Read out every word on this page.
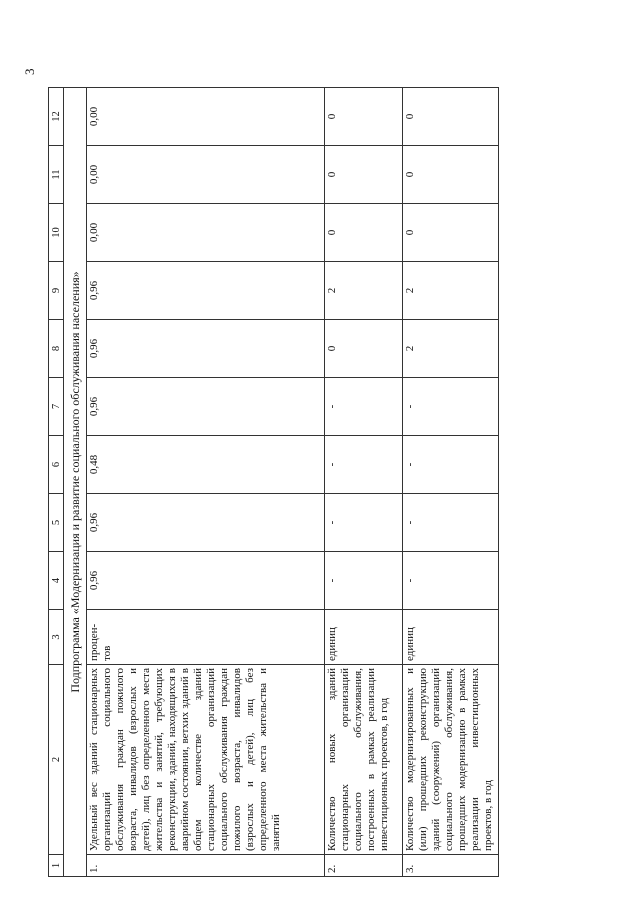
3
1	2	3	4	5	6	7	8	9	10	11	12
Подпрограмма «Модернизация и развитие социального обслуживания населения»											
1.	Удельный вес зданий стационарных организаций социального обслуживания граждан пожилого возраста, инвалидов (взрослых и детей), лиц без определенного места жительства и занятий, требующих реконструкции, зданий, находящихся в аварийном состоянии, ветхих зданий в общем количестве зданий стационарных организаций социального обслуживания граждан пожилого возраста, инвалидов (взрослых и детей), лиц без определенного места жительства и занятий	процен-тов	0,96	0,96	0,48	0,96	0,96	0,96	0,00	0,00	0,00
2.	Количество новых зданий стационарных организаций социального обслуживания, построенных в рамках реализации инвестиционных проектов, в год	единиц	-	-	-	-	0	2	0	0	0
3.	Количество модернизированных и (или) прошедших реконструкцию зданий (сооружений) организаций социального обслуживания, прошедших модернизацию в рамках реализации инвестиционных проектов, в год	единиц	-	-	-	-	2	2	0	0	0
